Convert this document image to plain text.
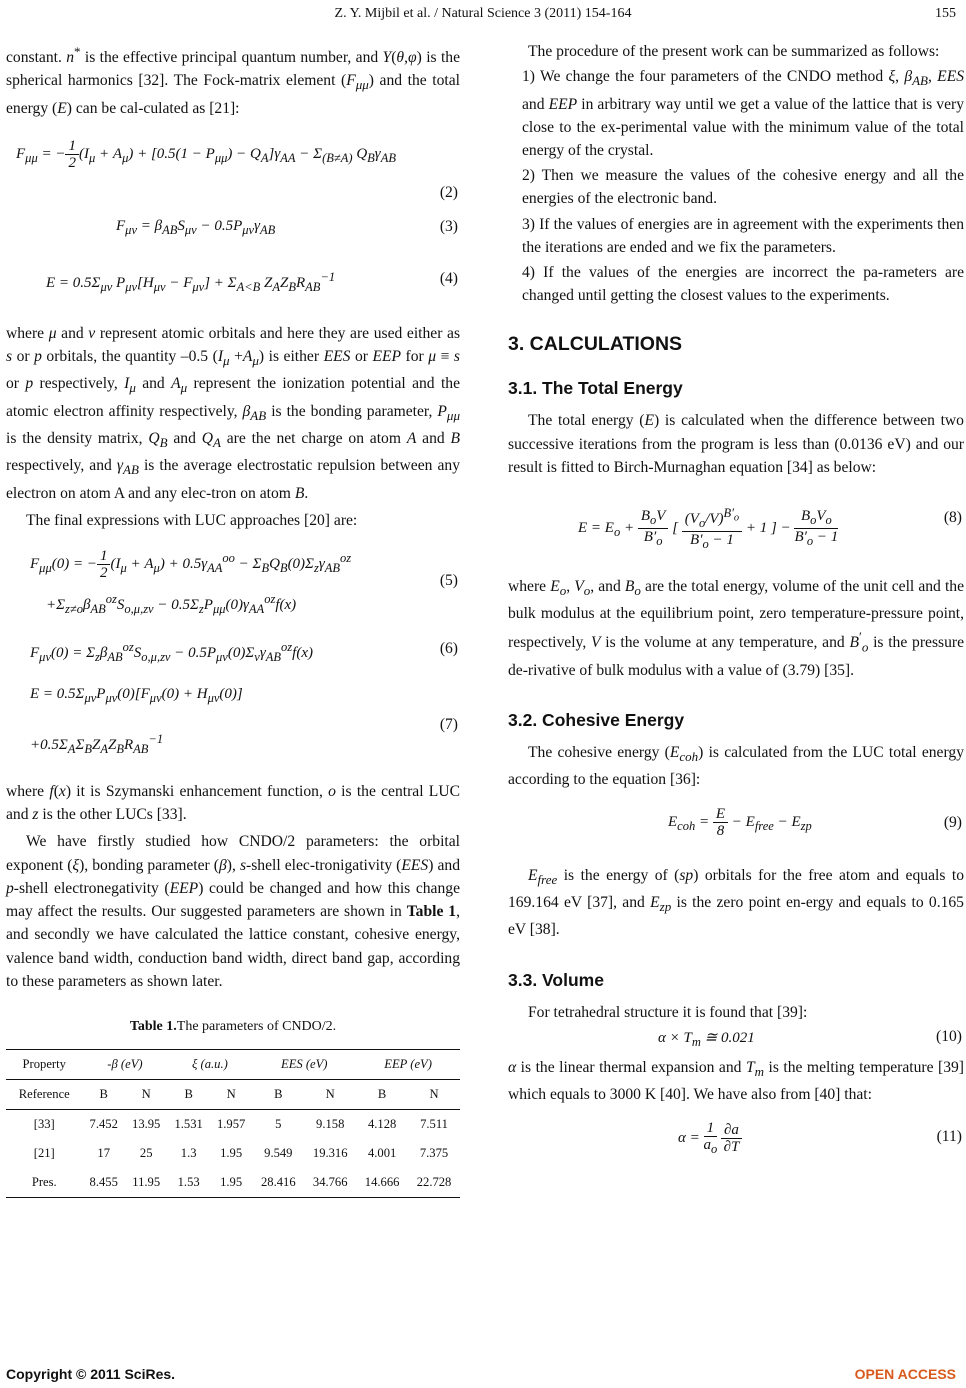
Z. Y. Mijbil et al. / Natural Science 3 (2011) 154-164	155

constant. n* is the effective principal quantum number, and Y(θ,φ) is the spherical harmonics [32]. The Fock-matrix element $(F_{\mu\mu})$ and the total energy (E) can be cal-culated as [21]:

$F_{\mu\mu}$ = − $\frac{1}{2} (I_\mu + A_\mu) + [0.5(1 - P_{\mu\mu}) - Q_A]\gamma_{AA} - \Sigma_{(B\ne A)}$ $Q_B\gamma_{AB}$
(2)
$F_{\mu\nu} = \beta_{AB}S_{\mu\nu} - 0.5P_{\mu\nu}\gamma_{AB}$	(3)
$E = 0.5\Sigma_{\mu\nu}$ $P_{\mu\nu}[H_{\mu\nu} - F_{\mu\nu}] + \Sigma_{A<B}$ $Z_AZ_BR_{AB}^{-1}$	(4)

where μ and ν represent atomic orbitals and here they are used either as s or p orbitals, the quantity –0.5 $(I_\mu +A_\mu)$ is either EES or EEP for μ ≡ s or p respectively, $I_\mu$ and $A_\mu$ represent the ionization potential and the atomic electron affinity respectively, $\beta_{AB}$ is the bonding parameter, $P_{\mu\mu}$ is the density matrix, $Q_B$ and $Q_A$ are the net charge on atom A and B respectively, and $\gamma_{AB}$ is the average electrostatic repulsion between any electron on atom A and any elec-tron on atom B.

The final expressions with LUC approaches [20] are:

$F_{\mu\mu}(0)$ = − $\frac{1}{2} (I_\mu + A_\mu) + 0.5\gamma_{AA}^{oo} - \Sigma_BQ_B(0)\Sigma_z\gamma_{AB}^{oz}$
$+\Sigma_{z\ne o}\beta_{AB}^{oz}S_{o,\mu,z\nu} - 0.5\Sigma_zP_{\mu\mu}(0)\gamma_{AA}^{oz}f(x)$
(5)
$F_{\mu\nu}(0) = \Sigma_z\beta_{AB}^{oz}S_{o,\mu,z\nu} - 0.5P_{\mu\nu}(0)\Sigma_\nu\gamma_{AB}^{oz}f(x)$	(6)
$E = 0.5\Sigma_{\mu\nu}P_{\mu\nu}(0)[F_{\mu\nu}(0) + H_{\mu\nu}(0)]$
$+0.5\Sigma_A\Sigma_BZ_AZ_BR_{AB}^{-1}$
(7)

where f(x) it is Szymanski enhancement function, o is the central LUC and z is the other LUCs [33].

We have firstly studied how CNDO/2 parameters: the orbital exponent (ξ), bonding parameter (β), s-shell elec-tronigativity (EES) and p-shell electronegativity (EEP) could be changed and how this change may affect the results. Our suggested parameters are shown in Table 1, and secondly we have calculated the lattice constant, cohesive energy, valence band width, conduction band width, direct band gap, according to these parameters as shown later.

Table 1.The parameters of CNDO/2.
Property	-β (eV)		ξ (a.u.)		EES (eV)		EEP (eV)	
Reference	B	N	B	N	B	N	B	N
[33]	7.452	13.95	1.531	1.957	5	9.158	4.128	7.511
[21]	17	25	1.3	1.95	9.549	19.316	4.001	7.375
Pres.	8.455	11.95	1.53	1.95	28.416	34.766	14.666	22.728

The procedure of the present work can be summarized as follows:

1) We change the four parameters of the CNDO method ξ, $\beta_{AB}$, EES and EEP in arbitrary way until we get a value of the lattice that is very close to the ex-perimental value with the minimum value of the total energy of the crystal.

2) Then we measure the values of the cohesive energy and all the energies of the electronic band.

3) If the values of energies are in agreement with the experiments then the iterations are ended and we fix the parameters.

4) If the values of the energies are incorrect the pa-rameters are changed until getting the closest values to the experiments.

3. CALCULATIONS
3.1. The Total Energy

The total energy (E) is calculated when the difference between two successive iterations from the program is less than (0.0136 eV) and our result is fitted to Birch-Murnaghan equation [34] as below:

$E = E_o + \frac{B_oV}{B'_o}$ [ $\frac{(V_o/V)^{B'_o}}{B'_o - 1} + 1$ ] − $\frac{B_oV_o}{B'_o - 1}$	(8)

where $E_o$, $V_o$, and $B_o$ are the total energy, volume of the unit cell and the bulk modulus at the equilibrium point, zero temperature-pressure point, respectively, V is the volume at any temperature, and $B'_o$ is the pressure de-rivative of bulk modulus with a value of (3.79) [35].

3.2. Cohesive Energy

The cohesive energy $(E_{coh})$ is calculated from the LUC total energy according to the equation [36]:

$E_{coh} = \frac{E}{8} - E_{free} - E_{zp}$	(9)

$E_{free}$ is the energy of (sp) orbitals for the free atom and equals to 169.164 eV [37], and $E_{zp}$ is the zero point en-ergy and equals to 0.165 eV [38].

3.3. Volume

For tetrahedral structure it is found that [39]:

$\alpha \times T_m$ ≅ 0.021	(10)

α is the linear thermal expansion and $T_m$ is the melting temperature [39] which equals to 3000 K [40]. We have also from [40] that:

$\alpha = \frac{1}{a_o}$
$\frac{\partial a}{\partial T}$	(11)
Copyright © 2011 SciRes.	OPEN ACCESS
